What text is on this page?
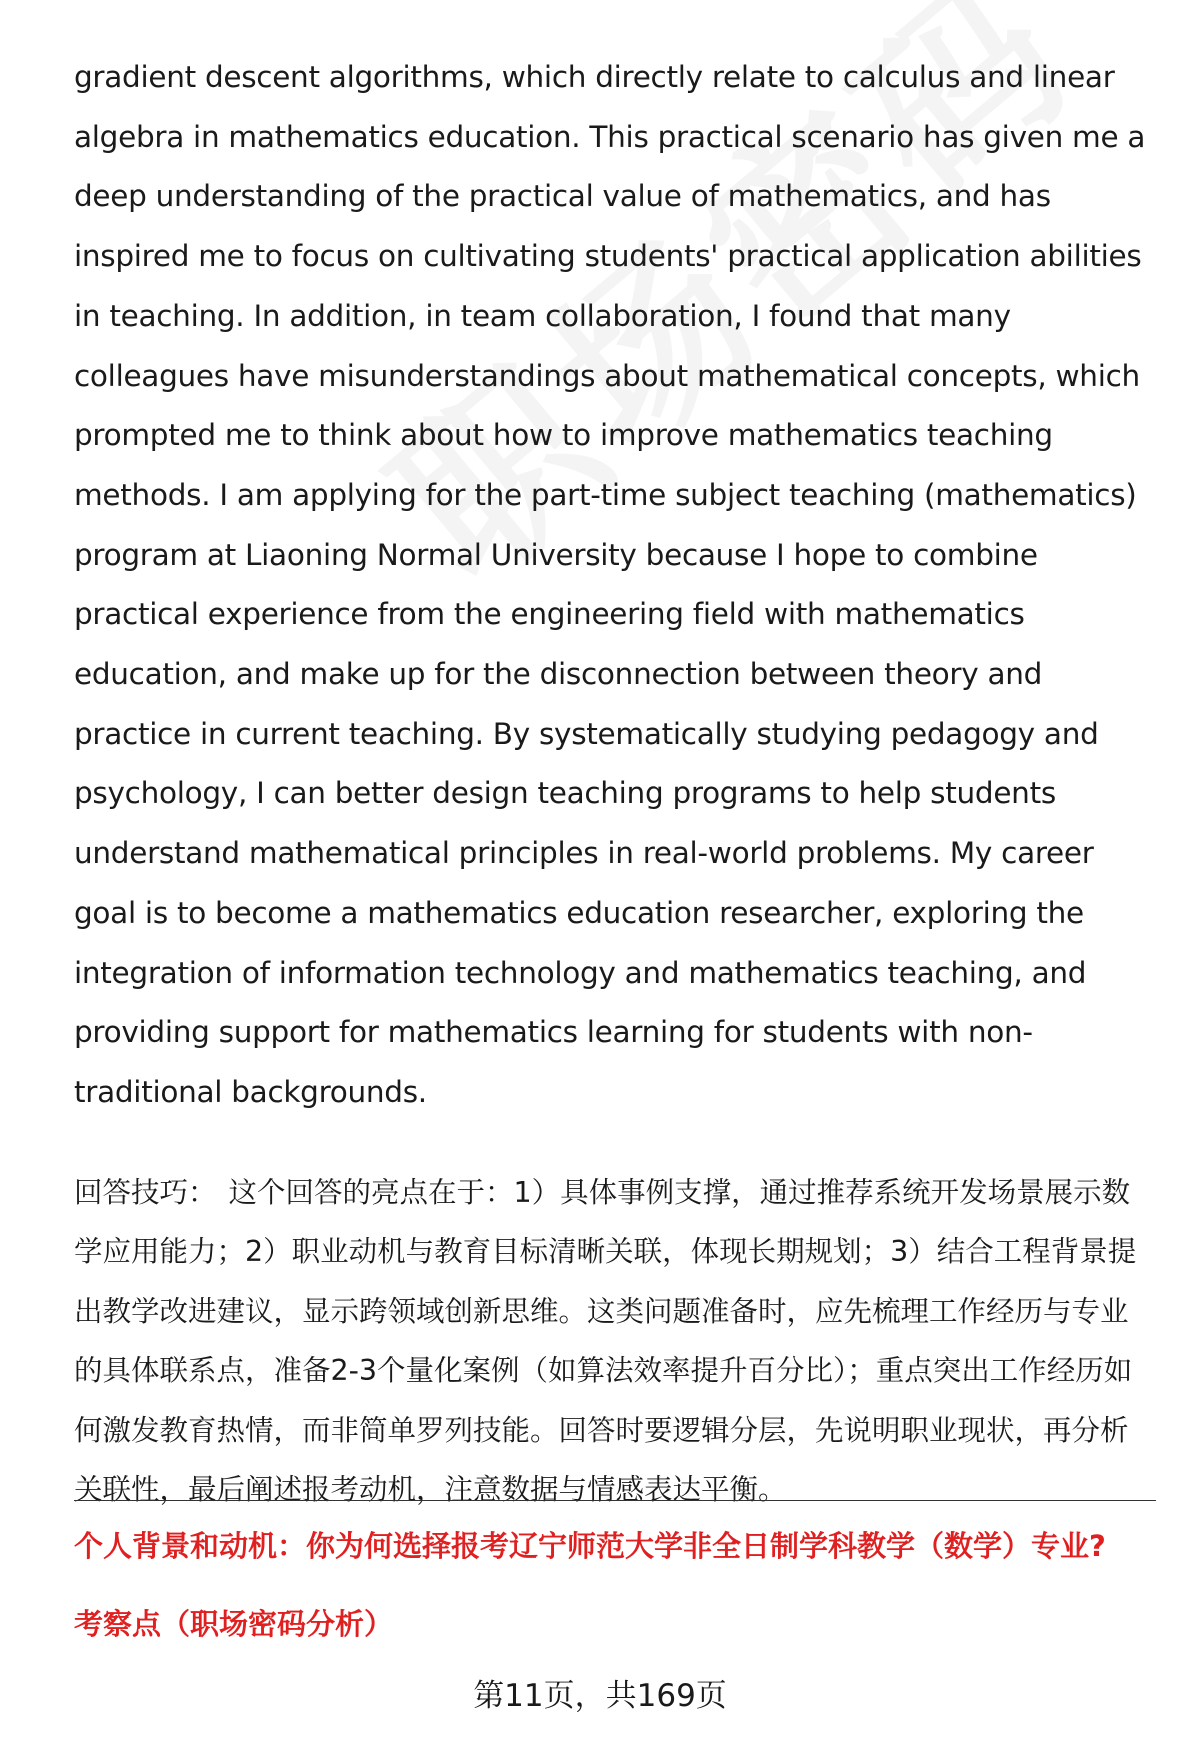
gradient descent algorithms, which directly relate to calculus and linear algebra in mathematics education. This practical scenario has given me a deep understanding of the practical value of mathematics, and has inspired me to focus on cultivating students' practical application abilities in teaching. In addition, in team collaboration, I found that many colleagues have misunderstandings about mathematical concepts, which prompted me to think about how to improve mathematics teaching methods. I am applying for the part-time subject teaching (mathematics) program at Liaoning Normal University because I hope to combine practical experience from the engineering field with mathematics education, and make up for the disconnection between theory and practice in current teaching. By systematically studying pedagogy and psychology, I can better design teaching programs to help students understand mathematical principles in real-world problems. My career goal is to become a mathematics education researcher, exploring the integration of information technology and mathematics teaching, and providing support for mathematics learning for students with non-traditional backgrounds.

回答技巧： 这个回答的亮点在于：1）具体事例支撑，通过推荐系统开发场景展示数学应用能力；2）职业动机与教育目标清晰关联，体现长期规划；3）结合工程背景提出教学改进建议，显示跨领域创新思维。这类问题准备时，应先梳理工作经历与专业的具体联系点，准备2-3个量化案例（如算法效率提升百分比）；重点突出工作经历如何激发教育热情，而非简单罗列技能。回答时要逻辑分层，先说明职业现状，再分析关联性，最后阐述报考动机，注意数据与情感表达平衡。

个人背景和动机：你为何选择报考辽宁师范大学非全日制学科教学（数学）专业?

考察点（职场密码分析）

第11页，共169页
